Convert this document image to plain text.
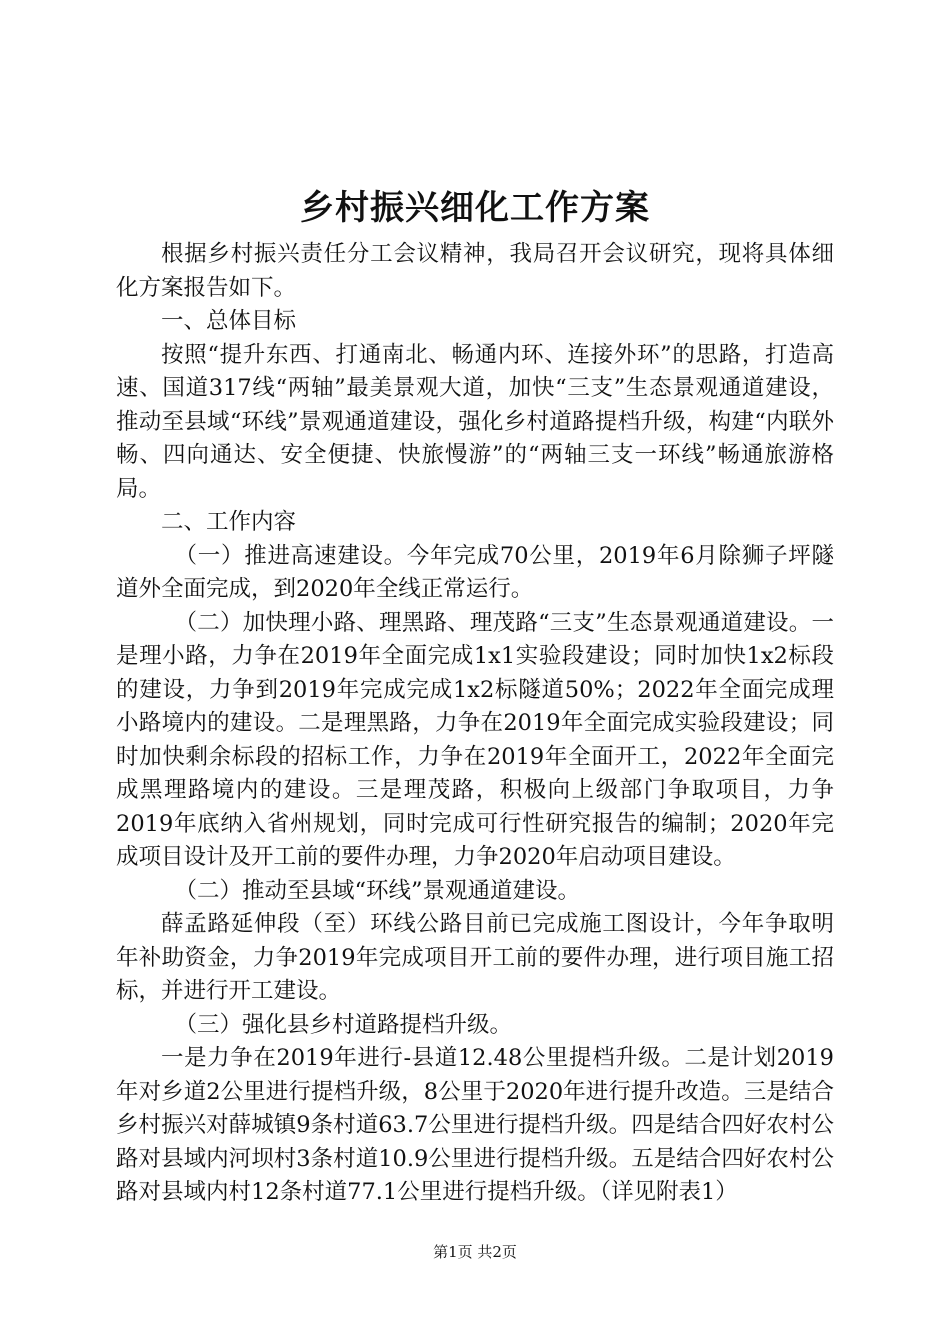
乡村振兴细化工作方案

根据乡村振兴责任分工会议精神，我局召开会议研究，现将具体细化方案报告如下。

一、总体目标

按照“提升东西、打通南北、畅通内环、连接外环”的思路，打造高速、国道317线“两轴”最美景观大道，加快“三支”生态景观通道建设，推动至县域“环线”景观通道建设，强化乡村道路提档升级，构建“内联外畅、四向通达、安全便捷、快旅慢游”的“两轴三支一环线”畅通旅游格局。

二、工作内容

（一）推进高速建设。今年完成70公里，2019年6月除狮子坪隧道外全面完成，到2020年全线正常运行。

（二）加快理小路、理黑路、理茂路“三支”生态景观通道建设。一是理小路，力争在2019年全面完成1x1实验段建设；同时加快1x2标段的建设，力争到2019年完成完成1x2标隧道50%；2022年全面完成理小路境内的建设。二是理黑路，力争在2019年全面完成实验段建设；同时加快剩余标段的招标工作，力争在2019年全面开工，2022年全面完成黑理路境内的建设。三是理茂路，积极向上级部门争取项目，力争2019年底纳入省州规划，同时完成可行性研究报告的编制；2020年完成项目设计及开工前的要件办理，力争2020年启动项目建设。

（二）推动至县域“环线”景观通道建设。

薛孟路延伸段（至）环线公路目前已完成施工图设计，今年争取明年补助资金，力争2019年完成项目开工前的要件办理，进行项目施工招标，并进行开工建设。

（三）强化县乡村道路提档升级。

一是力争在2019年进行-县道12.48公里提档升级。二是计划2019年对乡道2公里进行提档升级，8公里于2020年进行提升改造。三是结合乡村振兴对薛城镇9条村道63.7公里进行提档升级。四是结合四好农村公路对县域内河坝村3条村道10.9公里进行提档升级。五是结合四好农村公路对县域内村12条村道77.1公里进行提档升级。（详见附表1）

第1页 共2页
